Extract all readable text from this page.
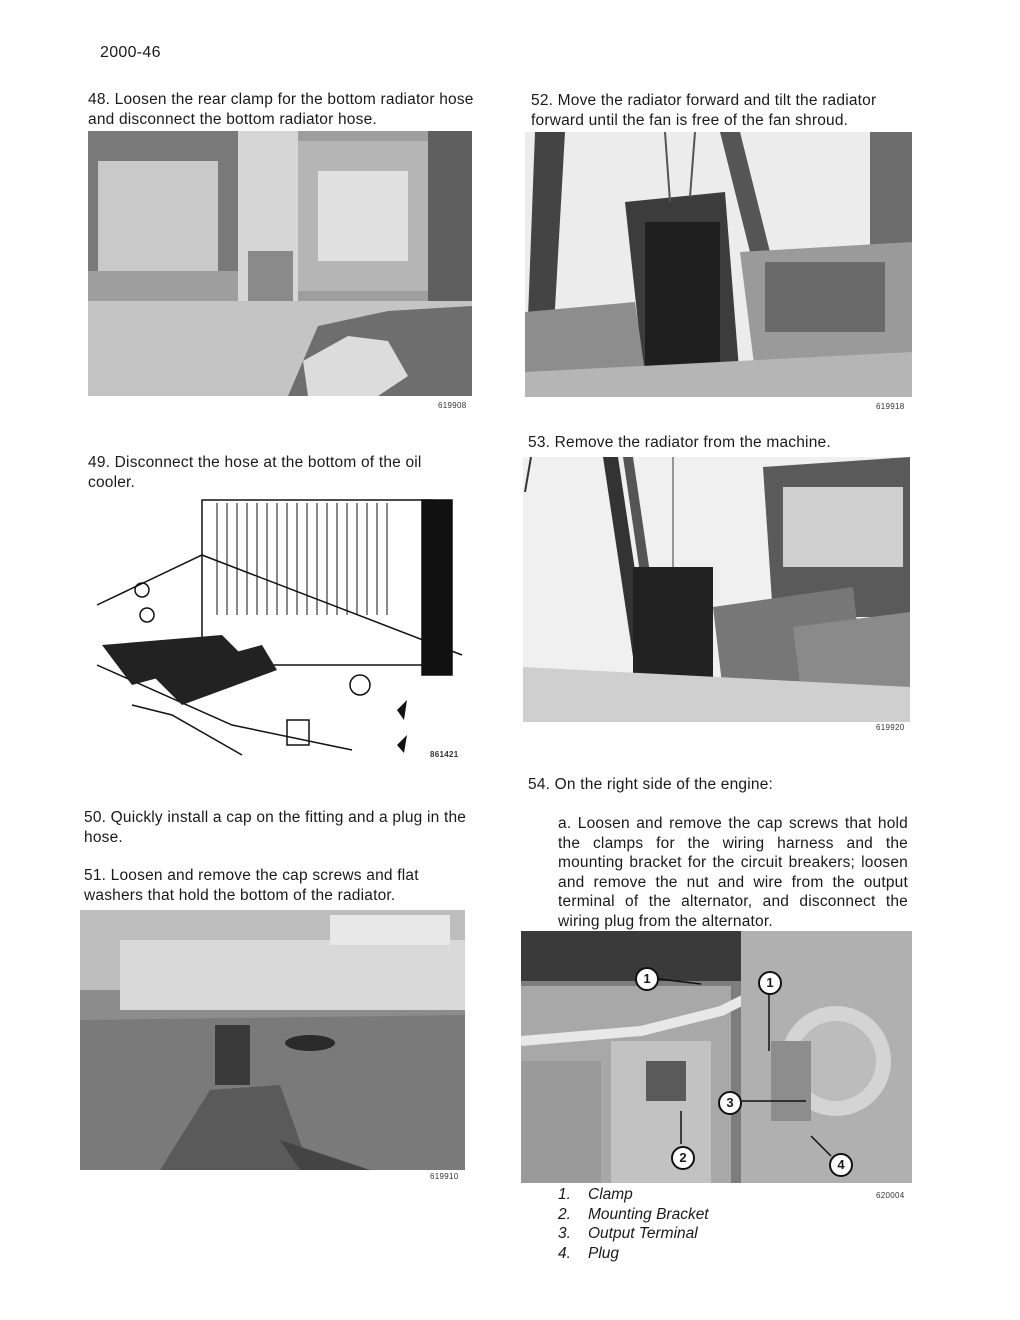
2000-46
48. Loosen the rear clamp for the bottom radiator hose and disconnect the bottom radiator hose.
619908
49. Disconnect the hose at the bottom of the oil cooler.
861421
50. Quickly install a cap on the fitting and a plug in the hose.
51. Loosen and remove the cap screws and flat washers that hold the bottom of the radiator.
619910
52. Move the radiator forward and tilt the radiator forward until the fan is free of the fan shroud.
619918
53. Remove the radiator from the machine.
619920
54. On the right side of the engine:
a. Loosen and remove the cap screws that hold the clamps for the wiring harness and the mounting bracket for the circuit breakers; loosen and remove the nut and wire from the output terminal of the alternator, and disconnect the wiring plug from the alternator.
1	1
2
3
4
620004
1.	Clamp
2.	Mounting Bracket
3.	Output Terminal
4.	Plug
